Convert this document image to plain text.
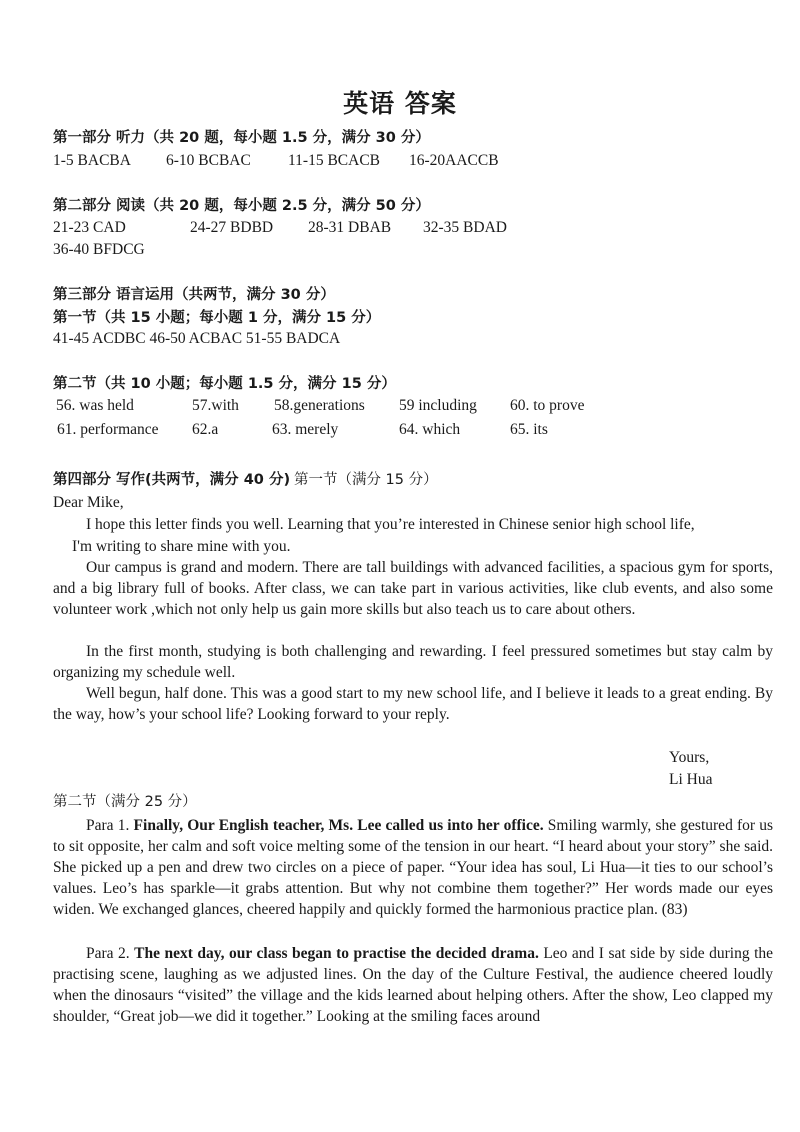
英语 答案
第一部分 听力（共 20 题，每小题 1.5 分，满分 30 分）
1-5 BACBA 6-10 BCBAC 11-15 BCACB 16-20AACCB
第二部分 阅读（共 20 题，每小题 2.5 分，满分 50 分）
21-23 CAD	24-27 BDBD 28-31 DBAB 32-35 BDAD
36-40 BFDCG
第三部分 语言运用（共两节，满分 30 分）
第一节（共 15 小题；每小题 1 分，满分 15 分）
41-45 ACDBC 46-50 ACBAC 51-55 BADCA
第二节（共 10 小题；每小题 1.5 分，满分 15 分）
56. was held	57.with 58.generations 59 including 60. to prove
61. performance 62.a	63. merely	64. which	65. its
第四部分 写作(共两节，满分 40 分) 第一节（满分 15 分）
Dear Mike,
I hope this letter finds you well. Learning that you’re interested in Chinese senior high school life,
I'm writing to share mine with you.
Our campus is grand and modern. There are tall buildings with advanced facilities, a spacious gym for sports, and a big library full of books. After class, we can take part in various activities, like club events, and also some volunteer work ,which not only help us gain more skills but also teach us to care about others.
In the first month, studying is both challenging and rewarding. I feel pressured sometimes but stay calm by organizing my schedule well.
Well begun, half done. This was a good start to my new school life, and I believe it leads to a great ending. By the way, how’s your school life? Looking forward to your reply.
Yours,
Li Hua
第二节（满分 25 分）
Para 1. Finally, Our English teacher, Ms. Lee called us into her office. Smiling warmly, she gestured for us to sit opposite, her calm and soft voice melting some of the tension in our heart. “I heard about your story” she said. She picked up a pen and drew two circles on a piece of paper. “Your idea has soul, Li Hua—it ties to our school’s values. Leo’s has sparkle—it grabs attention. But why not combine them together?” Her words made our eyes widen. We exchanged glances, cheered happily and quickly formed the harmonious practice plan. (83)
Para 2. The next day, our class began to practise the decided drama. Leo and I sat side by side during the practising scene, laughing as we adjusted lines. On the day of the Culture Festival, the audience cheered loudly when the dinosaurs “visited” the village and the kids learned about helping others. After the show, Leo clapped my shoulder, “Great job—we did it together.” Looking at the smiling faces around
